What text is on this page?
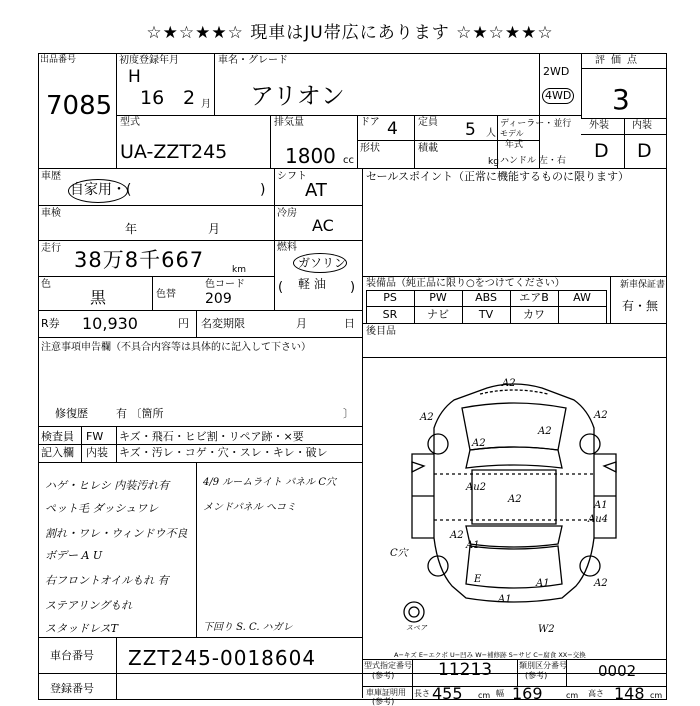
☆★☆★★☆ 現車はJU帯広にあります ☆★☆★★☆
出品番号
7085
初度登録年月
H
16 2 月
車名・グレード
アリオン
2WD
4WD
評価点
3
型式
UA-ZZT245
排気量
1800 cc
ドア 4 定員 5 人
ディーラー・並行
モデル
年式
形状	積載
kg ハンドル 左・右
外装 内装
D D
車歴
自家用・(	)
シフト
AT
車検
年	月
冷房
AC
走行 38万8千667	km
燃料
(
ガソリン
軽 油 )
色
黒	色替
色コード
209
R券 10,930	円 名変期限	月	日
注意事項申告欄（不具合内容等は具体的に記入して下さい）
修復歴	有 〔箇所	〕
検査員
記入欄
FW
内装
キズ・飛石・ヒビ割・リペア跡・×要
キズ・汚レ・コゲ・穴・スレ・キレ・破レ
ハゲ・ヒレシ 内装汚れ有
ペット毛 ダッシュワレ
割れ・ワレ・ウィンドウ不良
ボデー A U
右フロントオイルもれ 有
ステアリングもれ
スタッドレスT
4/9 ルームライト パネル C穴
メンドパネル へコミ
下回り S. C. ハガレ
セールスポイント（正常に機能するものに限ります）
装備品（純正品に限り○をつけてください）	新車保証書
有・無
PS	PW	ABS	エアB	AW
SR	ナビ	TV	カワ
後目品
A2
A2
A2
A2	A2
Au2
A2
A1
Au4
C穴
A1
A2
E	A1
A1
A2
W2
スペア
A−キズ E−エクボ U−凹み W−補修跡 S−サビ C−腐食 XX−交換
車台番号 ZZT245-0018604
登録番号
型式指定番号
(参考)	11213	類別区分番号
(参考)	0002
車庫証明用
(参考)
長さ 455 cm 幅 169	cm 高さ 148 cm
